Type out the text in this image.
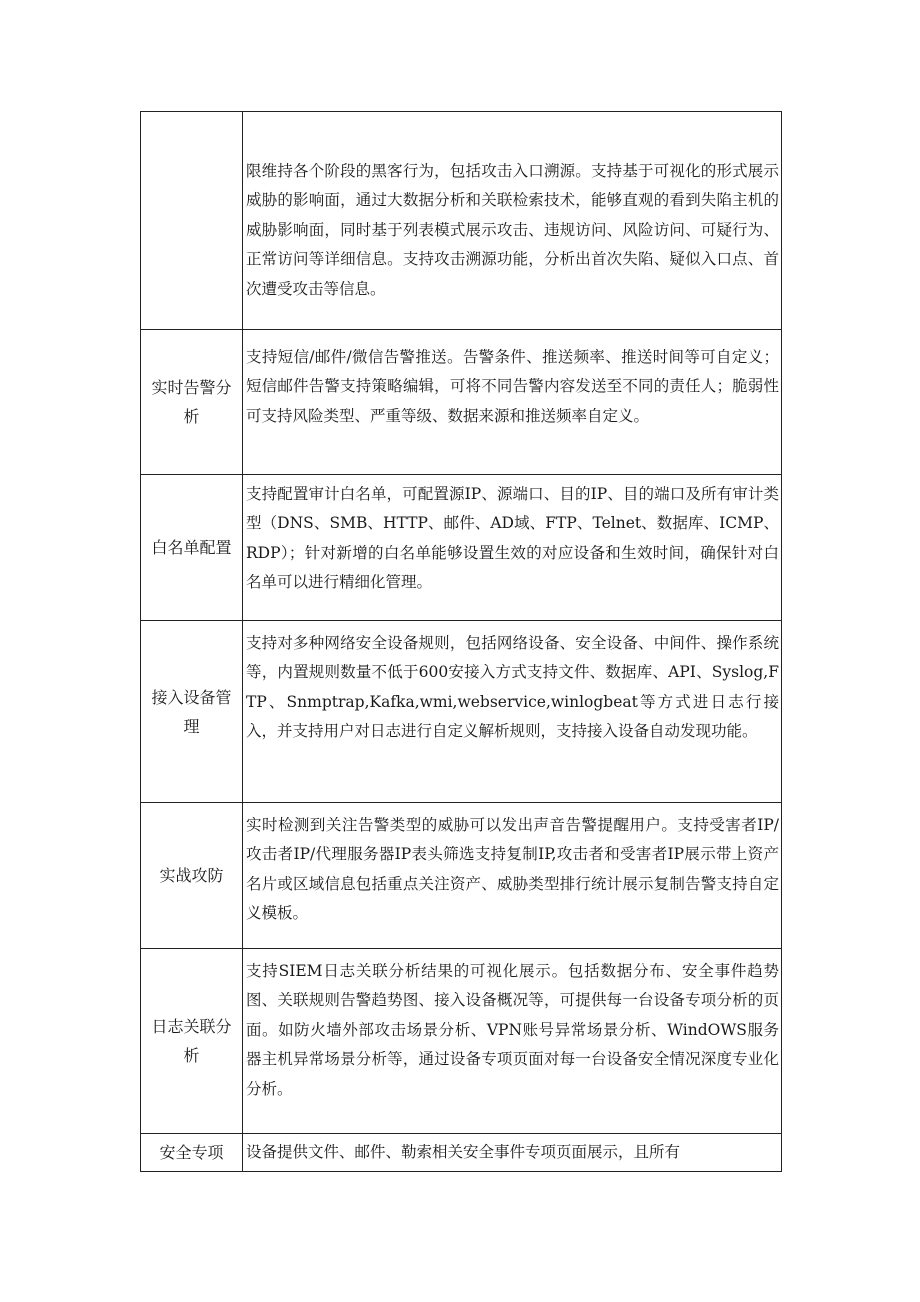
	限维持各个阶段的黑客行为，包括攻击入口溯源。支持基于可视化的形式展示威胁的影响面，通过大数据分析和关联检索技术，能够直观的看到失陷主机的威胁影响面，同时基于列表模式展示攻击、违规访问、风险访问、可疑行为、正常访问等详细信息。支持攻击溯源功能，分析出首次失陷、疑似入口点、首次遭受攻击等信息。
实时告警分析	支持短信/邮件/微信告警推送。告警条件、推送频率、推送时间等可自定义；短信邮件告警支持策略编辑，可将不同告警内容发送至不同的责任人；脆弱性可支持风险类型、严重等级、数据来源和推送频率自定义。
白名单配置	支持配置审计白名单，可配置源IP、源端口、目的IP、目的端口及所有审计类型（DNS、SMB、HTTP、邮件、AD域、FTP、Telnet、数据库、ICMP、RDP）；针对新增的白名单能够设置生效的对应设备和生效时间，确保针对白名单可以进行精细化管理。
接入设备管理	支持对多种网络安全设备规则，包括网络设备、安全设备、中间件、操作系统等，内置规则数量不低于600安接入方式支持文件、数据库、API、Syslog,FTP、Snmptrap,Kafka,wmi,webservice,winlogbeat等方式进日志行接入，并支持用户对日志进行自定义解析规则，支持接入设备自动发现功能。
实战攻防	实时检测到关注告警类型的威胁可以发出声音告警提醒用户。支持受害者IP/攻击者IP/代理服务器IP表头筛选支持复制IP,攻击者和受害者IP展示带上资产名片或区域信息包括重点关注资产、威胁类型排行统计展示复制告警支持自定义模板。
日志关联分析	支持SIEM日志关联分析结果的可视化展示。包括数据分布、安全事件趋势图、关联规则告警趋势图、接入设备概况等，可提供每一台设备专项分析的页面。如防火墙外部攻击场景分析、VPN账号异常场景分析、WindOWS服务器主机异常场景分析等，通过设备专项页面对每一台设备安全情况深度专业化分析。
安全专项	设备提供文件、邮件、勒索相关安全事件专项页面展示，且所有
